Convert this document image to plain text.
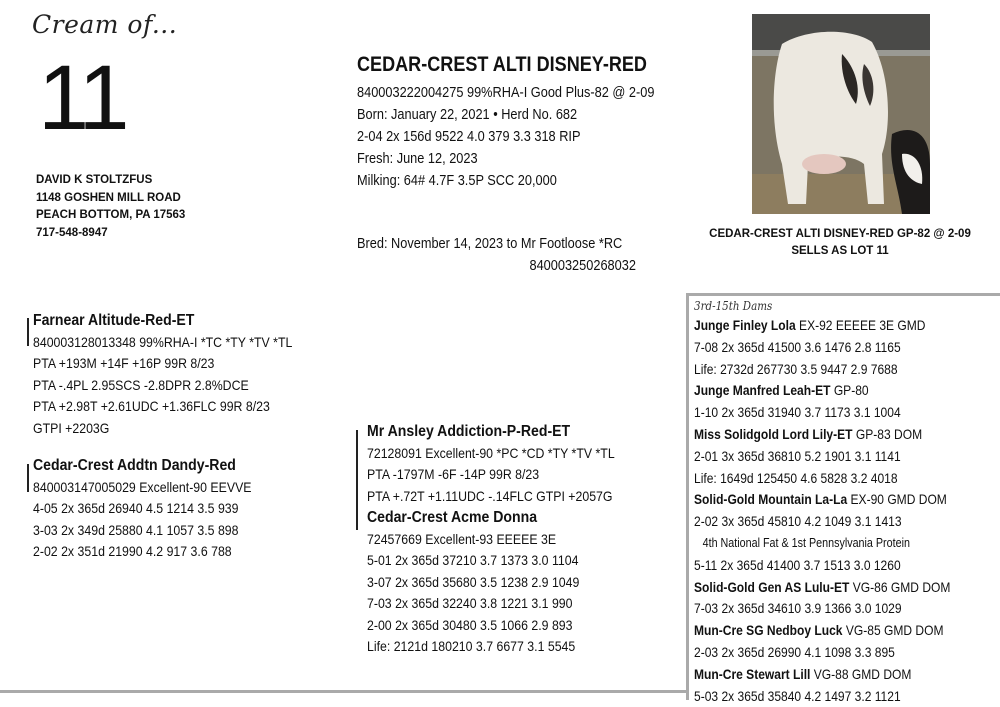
Cream of...
11
DAVID K STOLTZFUS
1148 GOSHEN MILL ROAD
PEACH BOTTOM, PA 17563
717-548-8947
CEDAR-CREST ALTI DISNEY-RED
840003222004275 99%RHA-I Good Plus-82 @ 2-09
Born: January 22, 2021 • Herd No. 682
2-04 2x 156d 9522 4.0 379 3.3 318 RIP
Fresh: June 12, 2023
Milking: 64# 4.7F 3.5P SCC 20,000
Bred: November 14, 2023 to Mr Footloose *RC
840003250268032
CEDAR-CREST ALTI DISNEY-RED GP-82 @ 2-09
SELLS AS LOT 11
Farnear Altitude-Red-ET
840003128013348 99%RHA-I *TC *TY *TV *TL
PTA +193M +14F +16P 99R 8/23
PTA -.4PL 2.95SCS -2.8DPR 2.8%DCE
PTA +2.98T +2.61UDC +1.36FLC 99R 8/23
GTPI +2203G
Cedar-Crest Addtn Dandy-Red
840003147005029 Excellent-90 EEVVE
4-05 2x 365d 26940 4.5 1214 3.5 939
3-03 2x 349d 25880 4.1 1057 3.5 898
2-02 2x 351d 21990 4.2 917 3.6 788
Mr Ansley Addiction-P-Red-ET
72128091 Excellent-90 *PC *CD *TY *TV *TL
PTA -1797M -6F -14P 99R 8/23
PTA +.72T +1.11UDC -.14FLC GTPI +2057G
Cedar-Crest Acme Donna
72457669 Excellent-93 EEEEE 3E
5-01 2x 365d 37210 3.7 1373 3.0 1104
3-07 2x 365d 35680 3.5 1238 2.9 1049
7-03 2x 365d 32240 3.8 1221 3.1 990
2-00 2x 365d 30480 3.5 1066 2.9 893
Life: 2121d 180210 3.7 6677 3.1 5545
3rd-15th Dams
Junge Finley Lola EX-92 EEEEE 3E GMD
7-08 2x 365d 41500 3.6 1476 2.8 1165
Life: 2732d 267730 3.5 9447 2.9 7688
Junge Manfred Leah-ET GP-80
1-10 2x 365d 31940 3.7 1173 3.1 1004
Miss Solidgold Lord Lily-ET GP-83 DOM
2-01 3x 365d 36810 5.2 1901 3.1 1141
Life: 1649d 125450 4.6 5828 3.2 4018
Solid-Gold Mountain La-La EX-90 GMD DOM
2-02 3x 365d 45810 4.2 1049 3.1 1413
4th National Fat & 1st Pennsylvania Protein
5-11 2x 365d 41400 3.7 1513 3.0 1260
Solid-Gold Gen AS Lulu-ET VG-86 GMD DOM
7-03 2x 365d 34610 3.9 1366 3.0 1029
Mun-Cre SG Nedboy Luck VG-85 GMD DOM
2-03 2x 365d 26990 4.1 1098 3.3 895
Mun-Cre Stewart Lill VG-88 GMD DOM
5-03 2x 365d 35840 4.2 1497 3.2 1121
